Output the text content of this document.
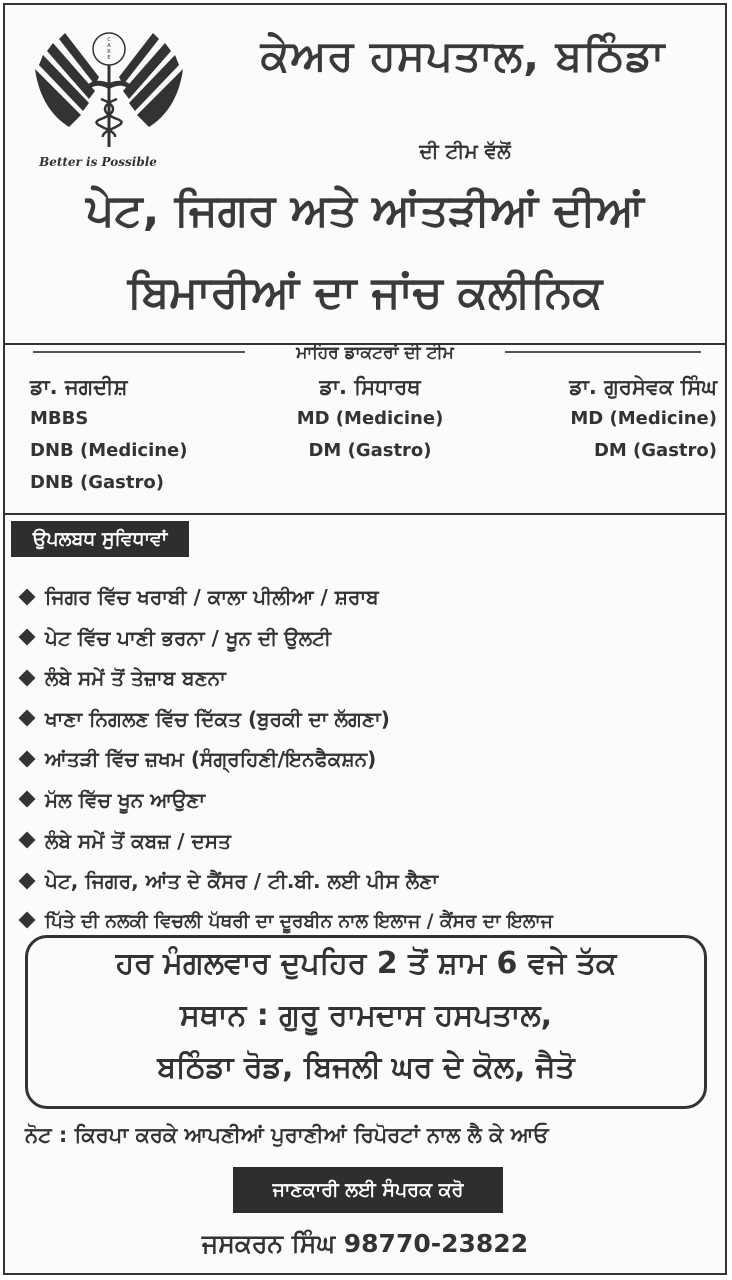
C
A
R
E
Better is Possible
ਕੇਅਰ ਹਸਪਤਾਲ, ਬਠਿੰਡਾ
ਦੀ ਟੀਮ ਵੱਲੋਂ
ਪੇਟ, ਜਿਗਰ ਅਤੇ ਆਂਤੜੀਆਂ ਦੀਆਂ
ਬਿਮਾਰੀਆਂ ਦਾ ਜਾਂਚ ਕਲੀਨਿਕ
ਮਾਹਿਰ ਡਾਕਟਰਾਂ ਦੀ ਟੀਮ
ਡਾ. ਜਗਦੀਸ਼
MBBS
DNB (Medicine)
DNB (Gastro)
ਡਾ. ਸਿਧਾਰਥ
MD (Medicine)
DM (Gastro)
ਡਾ. ਗੁਰਸੇਵਕ ਸਿੰਘ
MD (Medicine)
DM (Gastro)
ਉਪਲਬਧ ਸੁਵਿਧਾਵਾਂ
ਜਿਗਰ ਵਿੱਚ ਖਰਾਬੀ / ਕਾਲਾ ਪੀਲੀਆ / ਸ਼ਰਾਬ
ਪੇਟ ਵਿੱਚ ਪਾਣੀ ਭਰਨਾ / ਖੂਨ ਦੀ ਉਲਟੀ
ਲੰਬੇ ਸਮੇਂ ਤੋਂ ਤੇਜ਼ਾਬ ਬਣਨਾ
ਖਾਣਾ ਨਿਗਲਣ ਵਿੱਚ ਦਿੱਕਤ (ਬੁਰਕੀ ਦਾ ਲੱਗਣਾ)
ਆਂਤੜੀ ਵਿੱਚ ਜ਼ਖਮ (ਸੰਗ੍ਰਹਿਣੀ/ਇਨਫੈਕਸ਼ਨ)
ਮੱਲ ਵਿੱਚ ਖੂਨ ਆਉਣਾ
ਲੰਬੇ ਸਮੇਂ ਤੋਂ ਕਬਜ਼ / ਦਸਤ
ਪੇਟ, ਜਿਗਰ, ਆਂਤ ਦੇ ਕੈਂਸਰ / ਟੀ.ਬੀ. ਲਈ ਪੀਸ ਲੈਣਾ
ਪਿੱਤੇ ਦੀ ਨਲਕੀ ਵਿਚਲੀ ਪੱਥਰੀ ਦਾ ਦੂਰਬੀਨ ਨਾਲ ਇਲਾਜ / ਕੈਂਸਰ ਦਾ ਇਲਾਜ
ਹਰ ਮੰਗਲਵਾਰ ਦੁਪਹਿਰ 2 ਤੋਂ ਸ਼ਾਮ 6 ਵਜੇ ਤੱਕ
ਸਥਾਨ : ਗੁਰੂ ਰਾਮਦਾਸ ਹਸਪਤਾਲ,
ਬਠਿੰਡਾ ਰੋਡ, ਬਿਜਲੀ ਘਰ ਦੇ ਕੋਲ, ਜੈਤੋ
ਨੋਟ : ਕਿਰਪਾ ਕਰਕੇ ਆਪਣੀਆਂ ਪੁਰਾਣੀਆਂ ਰਿਪੋਰਟਾਂ ਨਾਲ ਲੈ ਕੇ ਆਓ
ਜਾਣਕਾਰੀ ਲਈ ਸੰਪਰਕ ਕਰੋ
ਜਸਕਰਨ ਸਿੰਘ 98770-23822
